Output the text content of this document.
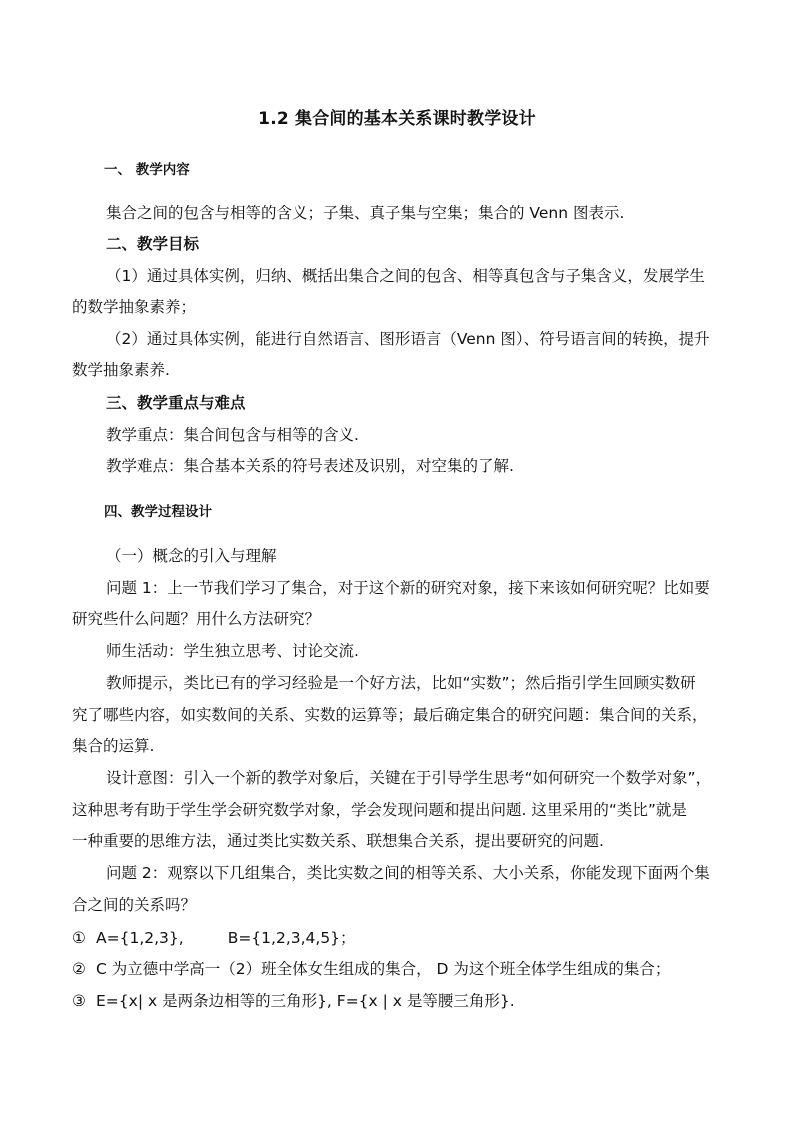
1.2 集合间的基本关系课时教学设计
一、 教学内容
集合之间的包含与相等的含义；子集、真子集与空集；集合的 Venn 图表示.
二、教学目标
（1）通过具体实例，归纳、概括出集合之间的包含、相等真包含与子集含义，发展学生
的数学抽象素养；
（2）通过具体实例，能进行自然语言、图形语言（Venn 图）、符号语言间的转换，提升
数学抽象素养.
三、教学重点与难点
教学重点：集合间包含与相等的含义.
教学难点：集合基本关系的符号表述及识别，对空集的了解.
四、教学过程设计
（一）概念的引入与理解
问题 1：上一节我们学习了集合，对于这个新的研究对象，接下来该如何研究呢？比如要
研究些什么问题？用什么方法研究？
师生活动：学生独立思考、讨论交流.
教师提示，类比已有的学习经验是一个好方法，比如“实数”；然后指引学生回顾实数研
究了哪些内容，如实数间的关系、实数的运算等；最后确定集合的研究问题：集合间的关系，
集合的运算.
设计意图：引入一个新的教学对象后，关键在于引导学生思考“如何研究一个数学对象”，
这种思考有助于学生学会研究数学对象，学会发现问题和提出问题. 这里采用的“类比”就是
一种重要的思维方法，通过类比实数关系、联想集合关系，提出要研究的问题.
问题 2：观察以下几组集合，类比实数之间的相等关系、大小关系，你能发现下面两个集
合之间的关系吗？
① A={1,2,3},	B={1,2,3,4,5}；
② C 为立德中学高一（2）班全体女生组成的集合， D 为这个班全体学生组成的集合；
③ E={x| x 是两条边相等的三角形}, F={x | x 是等腰三角形}.
